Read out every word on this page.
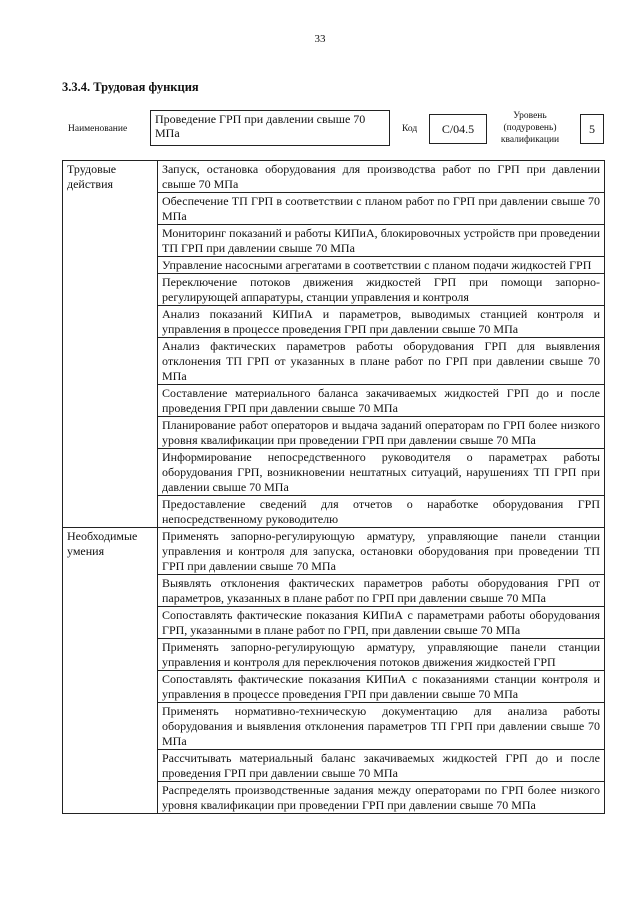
33
3.3.4. Трудовая функция
Наименование
Проведение ГРП при давлении свыше 70 МПа	Код	C/04.5
Уровень (подуровень) квалификации
5
Трудовые действия	Запуск, остановка оборудования для производства работ по ГРП при давлении свыше 70 МПа
	Обеспечение ТП ГРП в соответствии с планом работ по ГРП при давлении свыше 70 МПа
	Мониторинг показаний и работы КИПиА, блокировочных устройств при проведении ТП ГРП при давлении свыше 70 МПа
	Управление насосными агрегатами в соответствии с планом подачи жидкостей ГРП
	Переключение потоков движения жидкостей ГРП при помощи запорно-регулирующей аппаратуры, станции управления и контроля
	Анализ показаний КИПиА и параметров, выводимых станцией контроля и управления в процессе проведения ГРП при давлении свыше 70 МПа
	Анализ фактических параметров работы оборудования ГРП для выявления отклонения ТП ГРП от указанных в плане работ по ГРП при давлении свыше 70 МПа
	Составление материального баланса закачиваемых жидкостей ГРП до и после проведения ГРП при давлении свыше 70 МПа
	Планирование работ операторов и выдача заданий операторам по ГРП более низкого уровня квалификации при проведении ГРП при давлении свыше 70 МПа
	Информирование непосредственного руководителя о параметрах работы оборудования ГРП, возникновении нештатных ситуаций, нарушениях ТП ГРП при давлении свыше 70 МПа
	Предоставление сведений для отчетов о наработке оборудования ГРП непосредственному руководителю
Необходимые умения	Применять запорно-регулирующую арматуру, управляющие панели станции управления и контроля для запуска, остановки оборудования при проведении ТП ГРП при давлении свыше 70 МПа
	Выявлять отклонения фактических параметров работы оборудования ГРП от параметров, указанных в плане работ по ГРП при давлении свыше 70 МПа
	Сопоставлять фактические показания КИПиА с параметрами работы оборудования ГРП, указанными в плане работ по ГРП, при давлении свыше 70 МПа
	Применять запорно-регулирующую арматуру, управляющие панели станции управления и контроля для переключения потоков движения жидкостей ГРП
	Сопоставлять фактические показания КИПиА с показаниями станции контроля и управления в процессе проведения ГРП при давлении свыше 70 МПа
	Применять нормативно-техническую документацию для анализа работы оборудования и выявления отклонения параметров ТП ГРП при давлении свыше 70 МПа
	Рассчитывать материальный баланс закачиваемых жидкостей ГРП до и после проведения ГРП при давлении свыше 70 МПа
	Распределять производственные задания между операторами по ГРП более низкого уровня квалификации при проведении ГРП при давлении свыше 70 МПа
